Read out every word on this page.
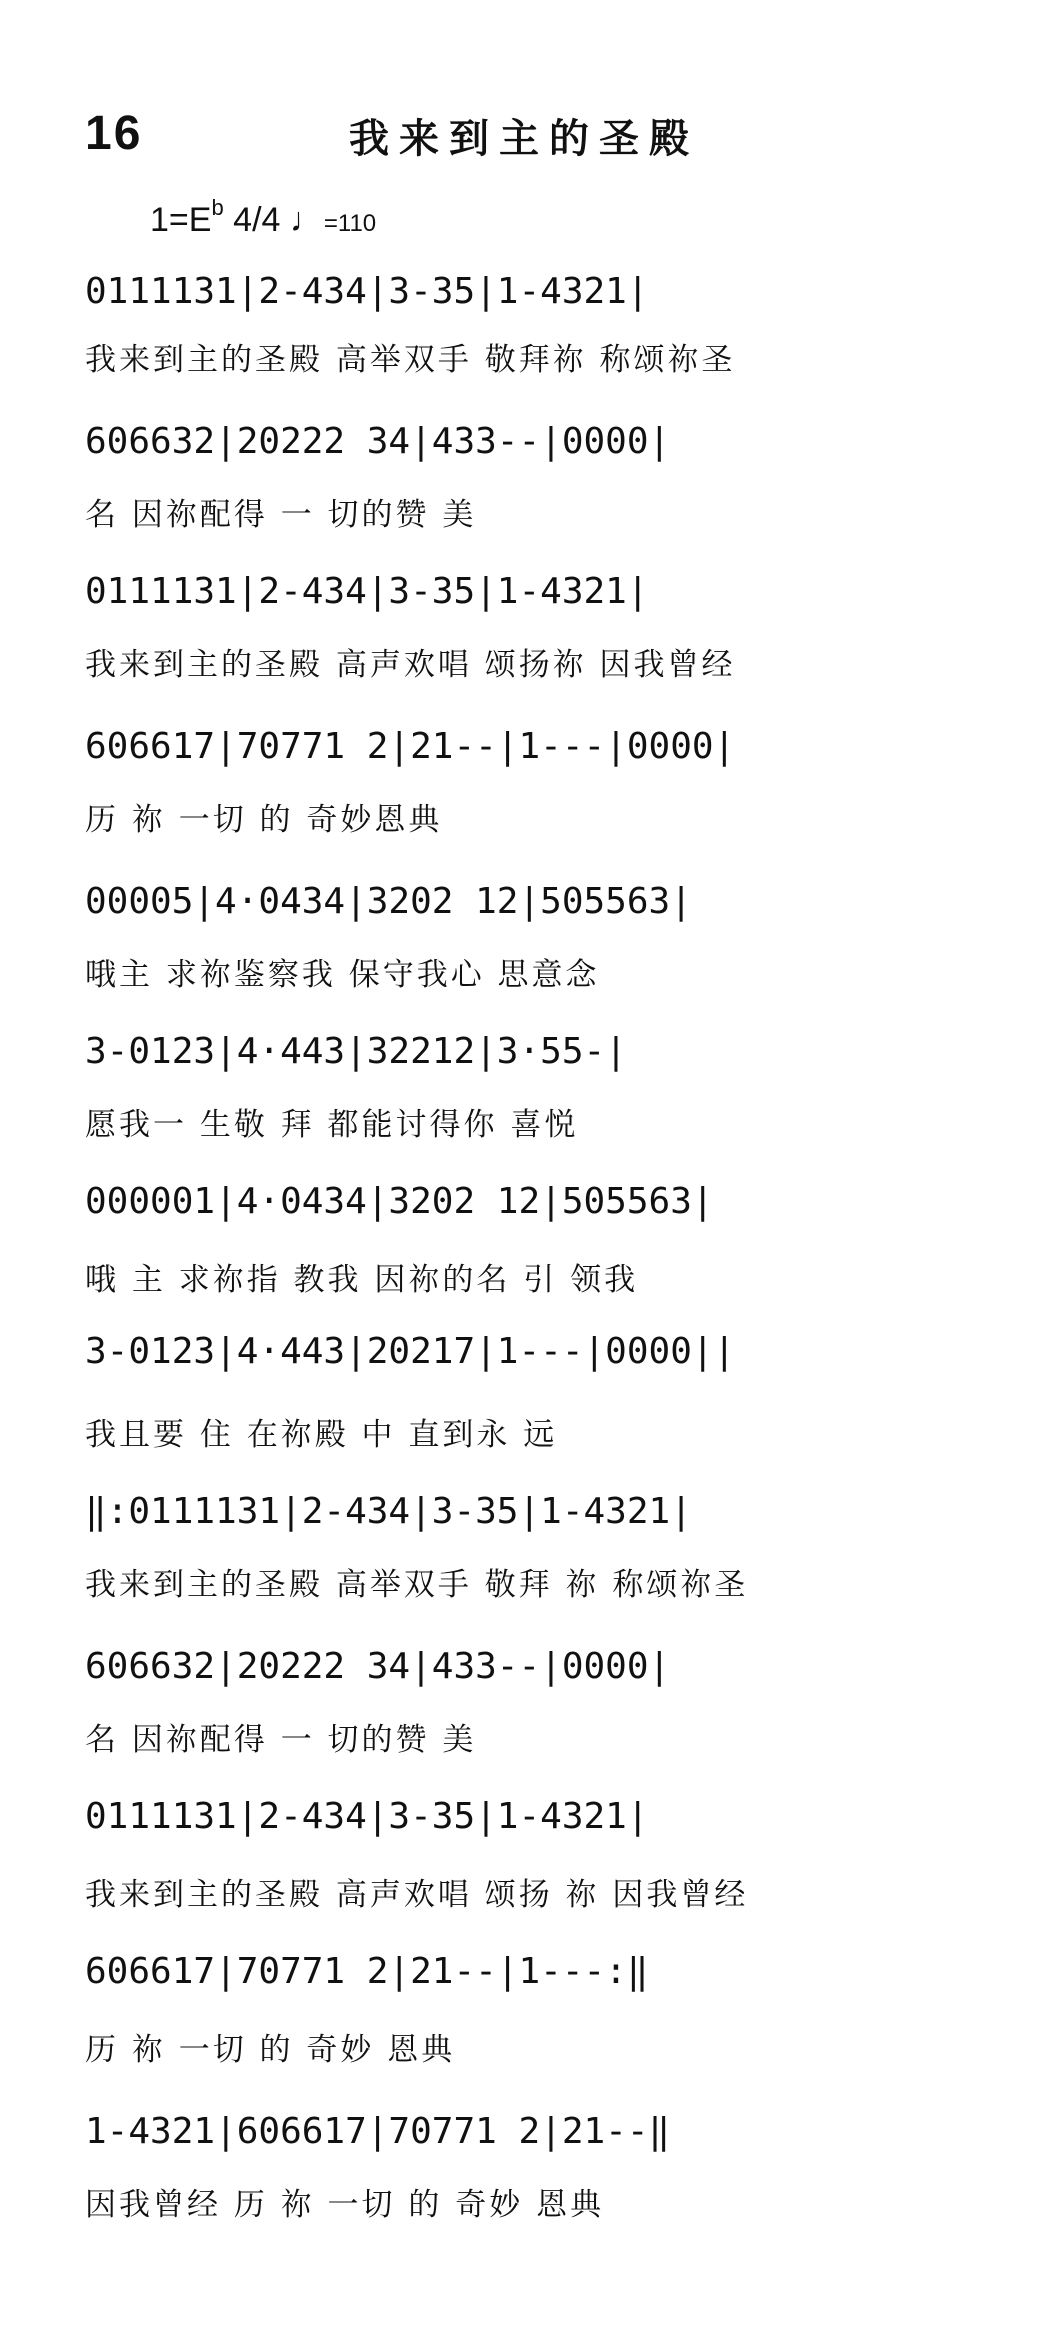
16	我来到主的圣殿
$1=E^b$ 4/4 ♩=110
0111131|2-434|3-35|1-4321|
我来到主的圣殿 高举双手 敬拜祢 称颂祢圣
606632|20222 34|433--|0000|
名 因祢配得 一 切的赞 美
0111131|2-434|3-35|1-4321|
我来到主的圣殿 高声欢唱 颂扬祢 因我曾经
606617|70771 2|21--|1---|0000|
历 祢 一切 的 奇妙恩典
00005|4·0434|3202 12|505563|
哦主 求祢鉴察我 保守我心 思意念
3-0123|4·443|32212|3·55-|
愿我一 生敬 拜 都能讨得你 喜悦
000001|4·0434|3202 12|505563|
哦 主 求祢指 教我 因祢的名 引 领我
3-0123|4·443|20217|1---|0000||
我且要 住 在祢殿 中 直到永 远
‖:0111131|2-434|3-35|1-4321|
我来到主的圣殿 高举双手 敬拜 祢 称颂祢圣
606632|20222 34|433--|0000|
名 因祢配得 一 切的赞 美
0111131|2-434|3-35|1-4321|
我来到主的圣殿 高声欢唱 颂扬 祢 因我曾经
606617|70771 2|21--|1---:‖
历 祢 一切 的 奇妙 恩典
1-4321|606617|70771 2|21--‖
因我曾经 历 祢 一切 的 奇妙 恩典
